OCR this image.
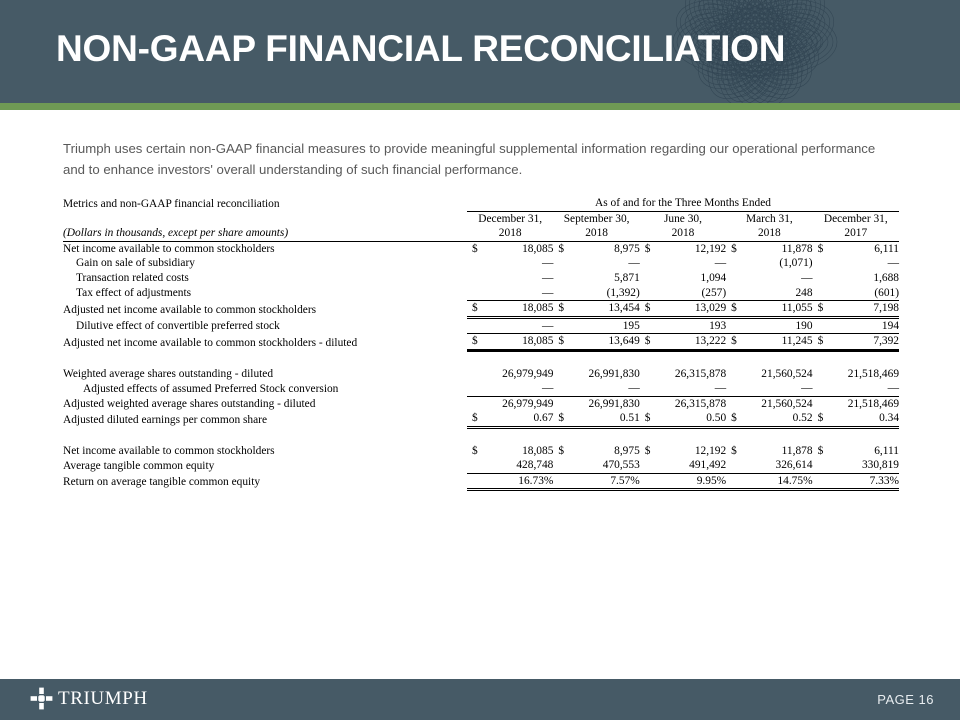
NON-GAAP FINANCIAL RECONCILIATION
Triumph uses certain non-GAAP financial measures to provide meaningful supplemental information regarding our operational performance and to enhance investors' overall understanding of such financial performance.
Metrics and non-GAAP financial reconciliation	As of and for the Three Months Ended				
	December 31,	September 30,	June 30,	March 31,	December 31,
(Dollars in thousands, except per share amounts)	2018	2018	2018	2018	2017
Net income available to common stockholders	$ 18,085	$ 8,975	$ 12,192	$ 11,878	$ 6,111
Gain on sale of subsidiary	—	—	—	(1,071)	—
Transaction related costs	—	5,871	1,094	—	1,688
Tax effect of adjustments	—	(1,392)	(257)	248	(601)
Adjusted net income available to common stockholders	$ 18,085	$ 13,454	$ 13,029	$ 11,055	$ 7,198
Dilutive effect of convertible preferred stock	—	195	193	190	194
Adjusted net income available to common stockholders - diluted	$ 18,085	$ 13,649	$ 13,222	$ 11,245	$ 7,392

Weighted average shares outstanding - diluted	26,979,949	26,991,830	26,315,878	21,560,524	21,518,469
Adjusted effects of assumed Preferred Stock conversion	—	—	—	—	—
Adjusted weighted average shares outstanding - diluted	26,979,949	26,991,830	26,315,878	21,560,524	21,518,469
Adjusted diluted earnings per common share	$ 0.67	$ 0.51	$ 0.50	$ 0.52	$ 0.34

Net income available to common stockholders	$ 18,085	$ 8,975	$ 12,192	$ 11,878	$ 6,111
Average tangible common equity	428,748	470,553	491,492	326,614	330,819
Return on average tangible common equity	16.73%	7.57%	9.95%	14.75%	7.33%
TRIUMPH	PAGE 16
